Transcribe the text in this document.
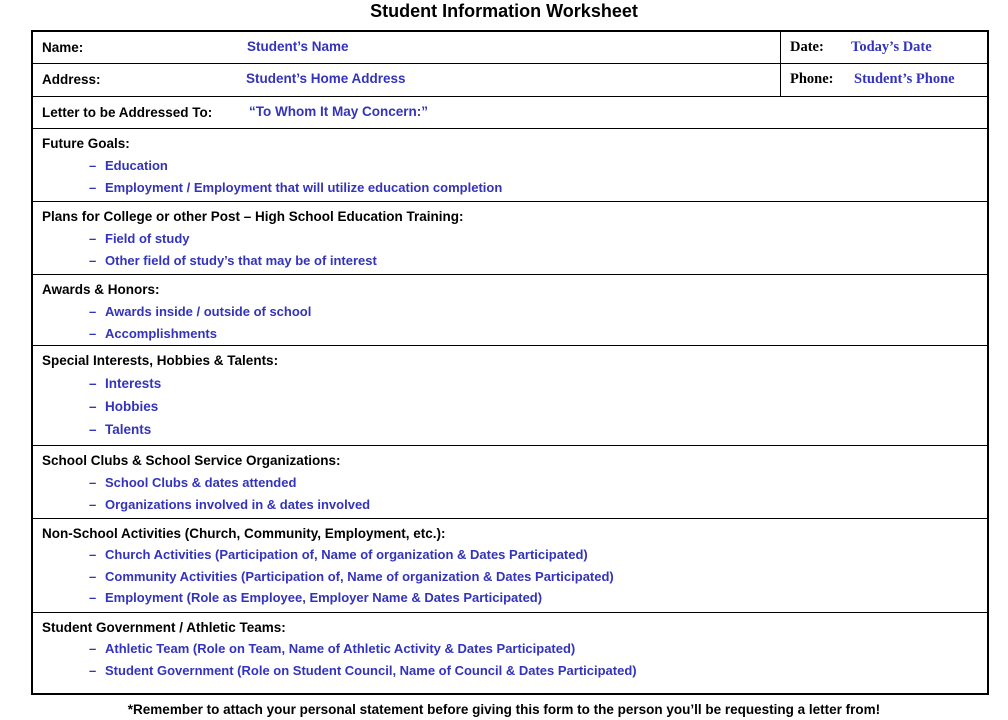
Student Information Worksheet
Name:	Student’s Name	Date: Today’s Date
Address:	Student’s Home Address	Phone: Student’s Phone
Letter to be Addressed To:	“To Whom It May Concern:”
Future Goals:
– Education
– Employment / Employment that will utilize education completion
Plans for College or other Post – High School Education Training:
– Field of study
– Other field of study’s that may be of interest
Awards & Honors:
– Awards inside / outside of school
– Accomplishments
Special Interests, Hobbies & Talents:
– Interests
– Hobbies
– Talents
School Clubs & School Service Organizations:
– School Clubs & dates attended
– Organizations involved in & dates involved
Non-School Activities (Church, Community, Employment, etc.):
– Church Activities (Participation of, Name of organization & Dates Participated)
– Community Activities (Participation of, Name of organization & Dates Participated)
– Employment (Role as Employee, Employer Name & Dates Participated)
Student Government / Athletic Teams:
– Athletic Team (Role on Team, Name of Athletic Activity & Dates Participated)
– Student Government (Role on Student Council, Name of Council & Dates Participated)
*Remember to attach your personal statement before giving this form to the person you’ll be requesting a letter from!
